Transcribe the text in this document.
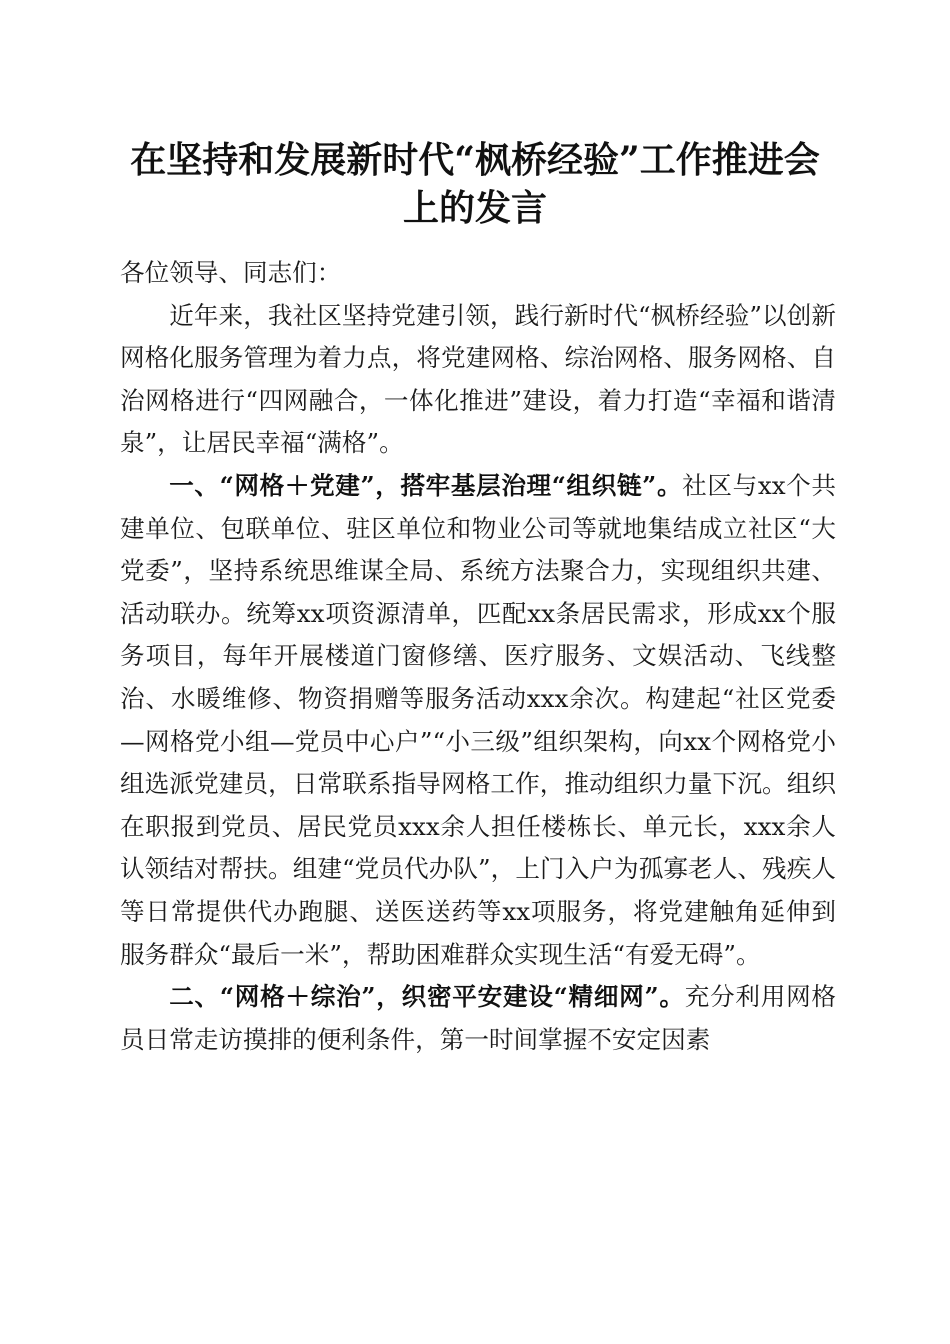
在坚持和发展新时代“枫桥经验”工作推进会
上的发言

各位领导、同志们：

近年来，我社区坚持党建引领，践行新时代“枫桥经验”以创新网格化服务管理为着力点，将党建网格、综治网格、服务网格、自治网格进行“四网融合，一体化推进”建设，着力打造“幸福和谐清泉”，让居民幸福“满格”。

一、“网格＋党建”，搭牢基层治理“组织链”。社区与xx个共建单位、包联单位、驻区单位和物业公司等就地集结成立社区“大党委”，坚持系统思维谋全局、系统方法聚合力，实现组织共建、活动联办。统筹xx项资源清单，匹配xx条居民需求，形成xx个服务项目，每年开展楼道门窗修缮、医疗服务、文娱活动、飞线整治、水暖维修、物资捐赠等服务活动xxx余次。构建起“社区党委—网格党小组—党员中心户”“小三级”组织架构，向xx个网格党小组选派党建员，日常联系指导网格工作，推动组织力量下沉。组织在职报到党员、居民党员xxx余人担任楼栋长、单元长，xxx余人认领结对帮扶。组建“党员代办队”，上门入户为孤寡老人、残疾人等日常提供代办跑腿、送医送药等xx项服务，将党建触角延伸到服务群众“最后一米”，帮助困难群众实现生活“有爱无碍”。

二、“网格＋综治”，织密平安建设“精细网”。充分利用网格员日常走访摸排的便利条件，第一时间掌握不安定因素
